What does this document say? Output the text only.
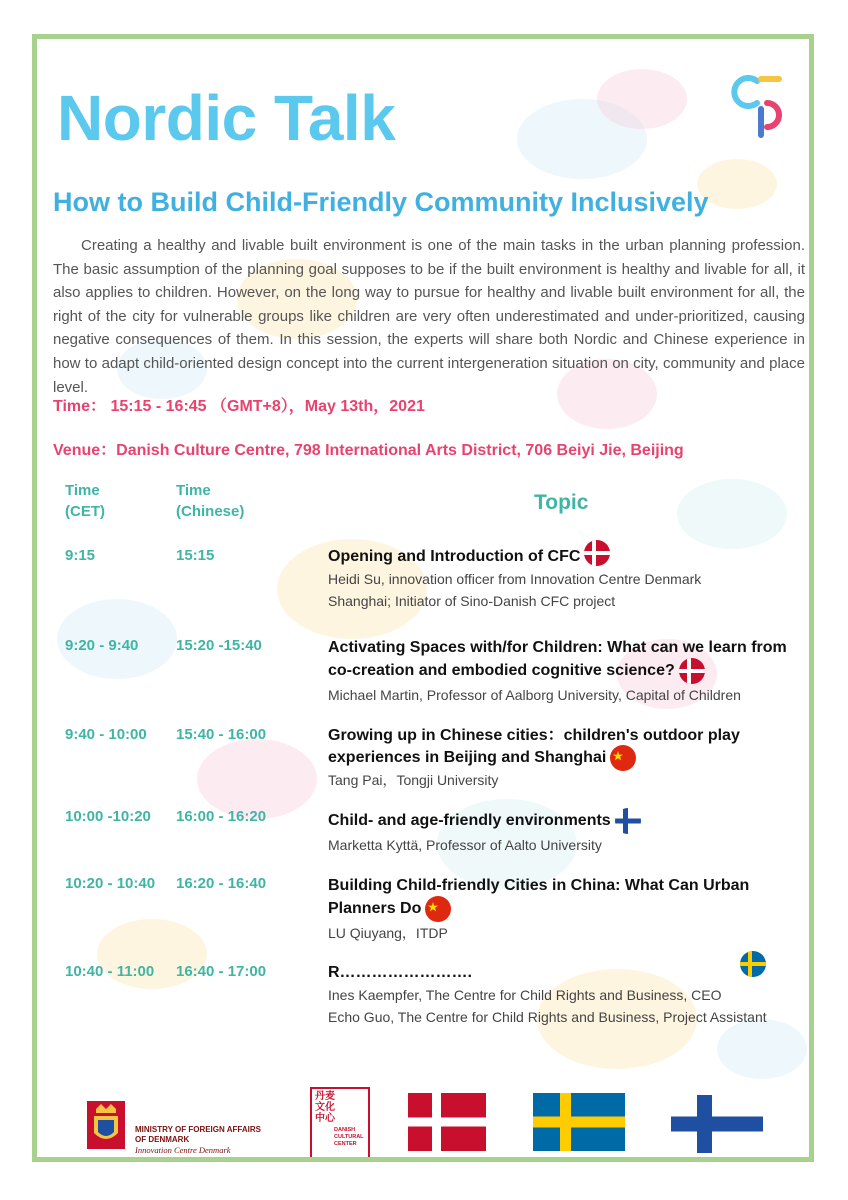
Nordic Talk
How to Build Child-Friendly Community Inclusively
Creating a healthy and livable built environment is one of the main tasks in the urban planning profession. The basic assumption of the planning goal supposes to be if the built environment is healthy and livable for all, it also applies to children. However, on the long way to pursue for healthy and livable built environment for all, the right of the city for vulnerable groups like children are very often underestimated and under-prioritized, causing negative consequences of them. In this session, the experts will share both Nordic and Chinese experience in how to adapt child-oriented design concept into the current intergeneration situation on city, community and place level.
Time： 15:15 - 16:45 （GMT+8），May 13th，2021
Venue：Danish Culture Centre, 798 International Arts District, 706 Beiyi Jie, Beijing
Time
(CET)
Time
(Chinese)	Topic
9:15	15:15	Opening and Introduction of CFC
Heidi Su, innovation officer from Innovation Centre Denmark
Shanghai; Initiator of Sino-Danish CFC project
9:20 - 9:40	15:20 -15:40	Activating Spaces with/for Children: What can we learn from co-creation and embodied cognitive science?
Michael Martin, Professor of Aalborg University, Capital of Children
9:40 - 10:00 15:40 - 16:00	Growing up in Chinese cities：children's outdoor play experiences in Beijing and Shanghai
Tang Pai，Tongji University
10:00 -10:20 16:00 - 16:20	Child- and age-friendly environments
Marketta Kyttä, Professor of Aalto University
10:20 - 10:40 16:20 - 16:40	Building Child-friendly Cities in China: What Can Urban Planners Do
LU Qiuyang，ITDP
10:40 - 11:00 16:40 - 17:00	R…………………….
Ines Kaempfer, The Centre for Child Rights and Business, CEO
Echo Guo, The Centre for Child Rights and Business, Project Assistant
MINISTRY OF FOREIGN AFFAIRS
OF DENMARK
Innovation Centre Denmark
丹麦
文化
中心
DANISH CULTURAL CENTER
